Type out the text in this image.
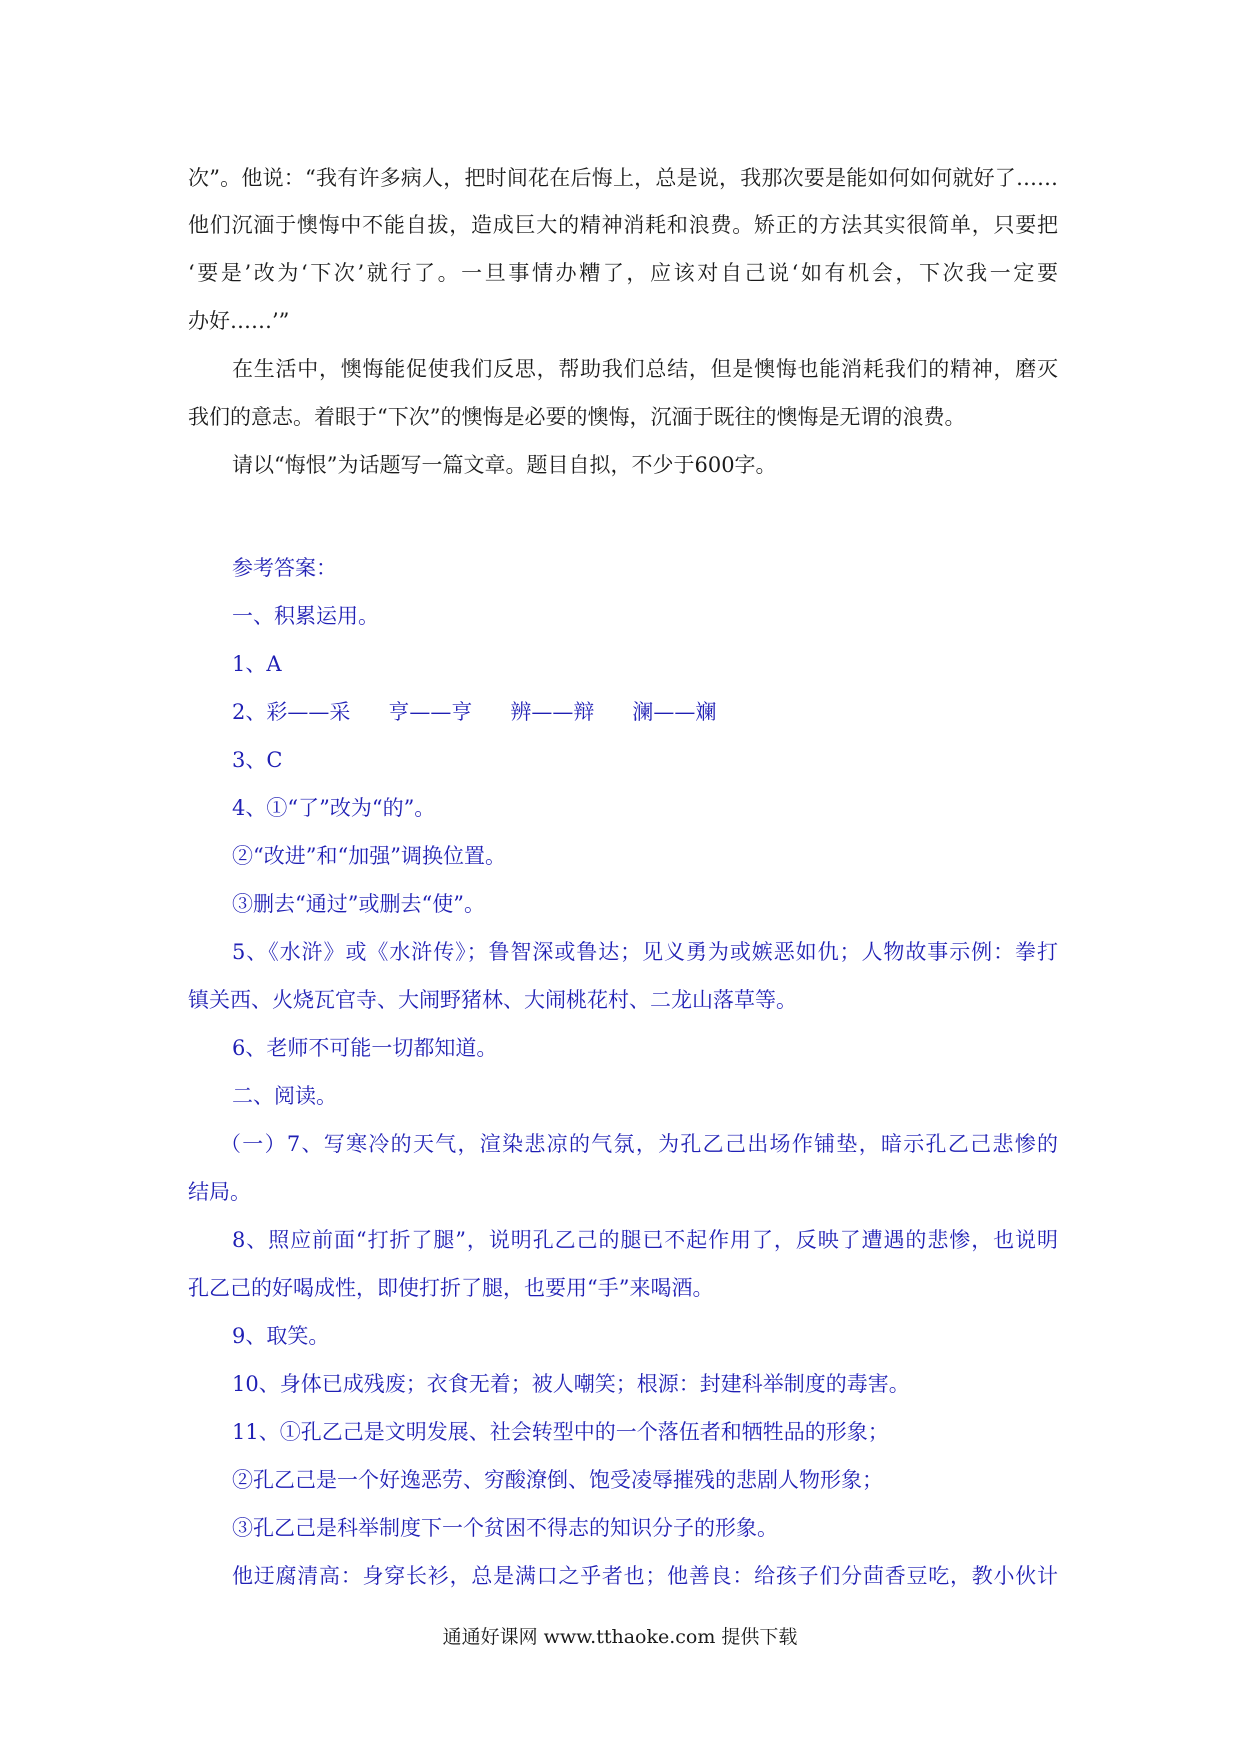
次”。他说：“我有许多病人，把时间花在后悔上，总是说，我那次要是能如何如何就好了……
他们沉湎于懊悔中不能自拔，造成巨大的精神消耗和浪费。矫正的方法其实很简单，只要把
‘要是’改为‘下次’就行了。一旦事情办糟了，应该对自己说‘如有机会，下次我一定要
办好……’”
在生活中，懊悔能促使我们反思，帮助我们总结，但是懊悔也能消耗我们的精神，磨灭
我们的意志。着眼于“下次”的懊悔是必要的懊悔，沉湎于既往的懊悔是无谓的浪费。
请以“悔恨”为话题写一篇文章。题目自拟，不少于600字。
参考答案：
一、积累运用。
1、A
2、彩——采 亨——亨 辨——辩 澜——斓
3、C
4、①“了”改为“的”。
②“改进”和“加强”调换位置。
③删去“通过”或删去“使”。
5、《水浒》或《水浒传》；鲁智深或鲁达；见义勇为或嫉恶如仇；人物故事示例：拳打
镇关西、火烧瓦官寺、大闹野猪林、大闹桃花村、二龙山落草等。
6、老师不可能一切都知道。
二、阅读。
（一）7、写寒冷的天气，渲染悲凉的气氛，为孔乙己出场作铺垫，暗示孔乙己悲惨的
结局。
8、照应前面“打折了腿”，说明孔乙己的腿已不起作用了，反映了遭遇的悲惨，也说明
孔乙己的好喝成性，即使打折了腿，也要用“手”来喝酒。
9、取笑。
10、身体已成残废；衣食无着；被人嘲笑；根源：封建科举制度的毒害。
11、①孔乙己是文明发展、社会转型中的一个落伍者和牺牲品的形象；
②孔乙己是一个好逸恶劳、穷酸潦倒、饱受凌辱摧残的悲剧人物形象；
③孔乙己是科举制度下一个贫困不得志的知识分子的形象。
他迂腐清高：身穿长衫，总是满口之乎者也；他善良：给孩子们分茴香豆吃，教小伙计
通通好课网 www.tthaoke.com 提供下载
